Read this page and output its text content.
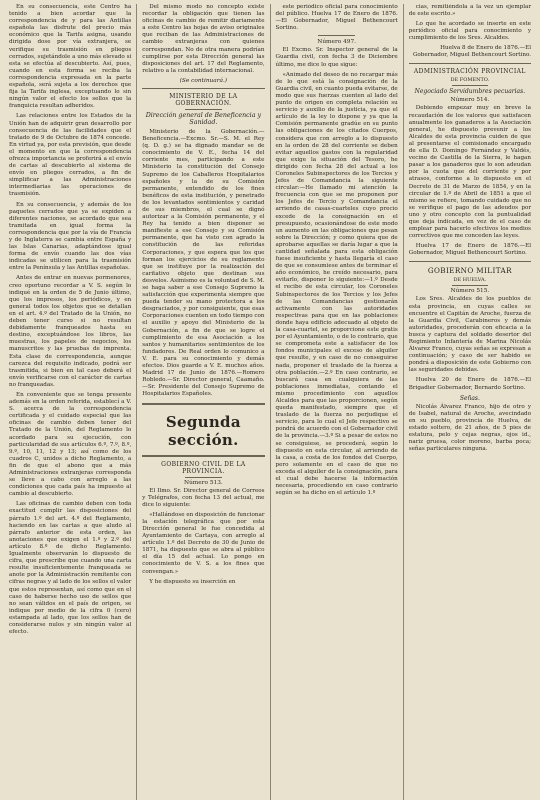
En su consecuencia, este Centro ha tenido a bien acordar que la correspondencia de y para las Antillas española las disfrute del precio más económico que la Tarifa asigna, usando dirigida dose por vía extranjera, se verifique su trasmisión en pliegos cerrados, sujetándole a uno más elevado si esta se efectúa al descubierto. Así, pues, cuando en esta forma se reciba la correspondencia expresada en la parte española, será sujeta a los derechos que fija la Tarifa inglesa, exceptuando lo sin ningún valor el efecto los sellos que la franquicia resultan adheridos.

Las relaciones entre los Estados de la Unión han de adquirir gran desarrollo por consecuencia de las facilidades que el tratado de 9 de Octubre de 1874 concede. En virtud ya, por esta previsión, que desde el momento en que la correspondencia ofrezca importancia se proferirá a el envío de cartas al descubierto al sistema de envío en pliegos cerrados, a fin de simplificar a las Administraciones intermediarias las operaciones de trasmisión.

En su consecuencia, y además de los paquetes cerrados que ya se expiden a diferentes naciones, se acordado que sea tramitada en igual forma la correspondencia que por la vía de Francia y de Inglaterra se cambia entre España y las Islas Canarias, adaptándose igual forma de envío cuando las dos vías indicadas se utilicen para la trasmisión entre la Península y las Antillas españolas.

Antes de entrar en nuevas pormenores, creo oportuno recordar a V. S. según lo indiqué en la orden de 5 de Junio último, que los impresos, los periódicos, y en general todos los objetos que se detallan en el art. 4.º del Tratado de la Unión, no deben tener curso si no resultan debidamente franqueados hasta su destino, exceptuándose los libros, las muestras, los papeles de negocios, los manuscritos y las pruebas de imprenta. Esta clase de correspondencia, aunque carezca del requisito indicado, podrá ser trasmitida, si bien en tal caso deberá el envío verificarse con el carácter de cartas no franqueadas.

En conveniente que se tenga presente además en la orden referida, establecí a V. S. acerca de la correspondencia certificada y el cuidado especial que las oficinas de cambio deben tener del Tratado de la Unión, del Reglamento lo acordado para su ejecución, con particularidad de sus artículos 6.º, 7.º, 8.º, 9.º, 10, 11, 12 y 13; así como de los cuadros C, unidos a dicho Reglamento, a fin de que el abono que a más Administraciones extranjeras corresponda se lleve a cabo con arreglo a las condiciones que cada país ha impuesto al cambio al descubierto.

Las oficinas de cambio deben con toda exactitud cumplir las disposiciones del párrafo 1.º del art. 4.º del Reglamento, haciendo en las cartas a que aludo al párrafo anterior de esta orden, las anotaciones que exigen el 1.º y 2.º del artículo 8.º de dicho Reglamento. Igualmente observarán lo dispuesto de cifra, que prescribe que cuando una carta resulte insuficientemente franqueada se anote por la Administración remitente con cifras negras y al lado de los sellos el valor que estos representan, así como que en el caso de haberse hecho uso de sellos que no sean válidos en el país de origen, se indique por medio de la cifra 0 (cero) estampada al lado, que los sellos han de considerarse nulos y sin ningún valor al efecto.

Del mismo modo no concepto existe recordar la obligación que tienen las oficinas de cambio de remitir diariamente a este Centro las hojas de aviso originales que reciban de las Administraciones de cambio extranjeras con quienes correspondan. No de otra manera podrían cumplirse por esta Dirección general las disposiciones del art. 17 del Reglamento, relativo a la contabilidad internacional.

(Se continuará.)
MINISTERIO DE LA GOBERNACIÓN.
Dirección general de Beneficencia y Sanidad.

Ministerio de la Gobernación.— Beneficencia.—Excmo. Sr.—S. M. el Rey (q. D. g.) se ha dignado mandar se de conocimiento de V. E., fecha 14 del corriente mes, participando a este Ministerio la constitución del Consejo Supremo de los Caballeros Hospitalarios españoles y la de su Comisión permanente, entendido de los fines benéficos de esta institución, y penetrado de los levantados sentimientos y caridad de sus miembros, el cual se dignó autorizar a la Comisión permanente, y el Rey ha tenido a bien disponer se manifieste a ese Consejo y su Comisión permanente, que ha visto con agrado la constitución de las referidas Corporaciones, y que espera que los que forman los ejercicios de su reglamento que se instituye por la realización del caritativo objeto que destinan sus desvelos. Asimismo es la voluntad de S. M. se haga saber a ese Consejo Supremo la satisfacción que experimenta siempre que pueda tender su mano protectora a los desgraciados, y por consiguiente, que esas Corporaciones cuenten en todo tiempo con el auxilio y apoyo del Ministerio de la Gobernación, a fin de que se logre el cumplimiento de esa Asociación a los santos y humanitarios sentimientos de los fundadores. De Real orden lo comunico a V. E. para su conocimiento y demás efectos. Dios guarde a V. E. muchos años. Madrid 17 de Junio de 1876.—Romero Robledo.—Sr. Director general, Caamaño.—Sr. Presidente del Consejo Supremo de Hospitalarios Españoles.

Segunda sección.
GOBIERNO CIVIL DE LA PROVINCIA.
Número 513.

El Ilmo. Sr. Director general de Correos y Telégrafos, con fecha 13 del actual, me dice lo siguiente:

«Hallándose en disposición de funcionar la estación telegráfica que por esta Dirección general le fue concedida al Ayuntamiento de Cartaya, con arreglo al artículo 1.º del Decreto de 30 de Junio de 1871, ha dispuesto que se abra al público el día 15 del actual. Lo pongo en conocimiento de V. S. a los fines que convengan.»

Y he dispuesto su inserción en

este periódico oficial para conocimiento del público. Huelva 17 de Enero de 1876.—El Gobernador, Miguel Bethencourt Sortino.

Número 497.

El Excmo. Sr. Inspector general de la Guardia civil, con fecha 3 de Diciembre último, me dice lo que sigue:

«Animado del deseo de no recargar más de lo que está la consignación de la Guardia civil, en cuanto pueda evitarse, de modo que sus fuerzas cuenten al lado del punto de origen en completa relación su servicio y auxilio de la justicia, ya que el artículo de la ley lo dispone y ya que la Comisión permanente gradúe en su punto las obligaciones de los citados Cuerpos, considera que con arreglo a lo dispuesto en la orden de 28 del corriente se deben evitar aquellos gastos con la regularidad que exige la situación del Tesoro, he dirigido con fecha 28 del actual a los Coroneles Subinspectores de los Tercios y Jefes de Comandancia la siguiente circular:—He llamado mi atención la frecuencia con que se me proponen por los Jefes de Tercio y Comandancia el arriendo de casas-cuarteles cuyo precio excede de la consignación en el presupuesto, ocasionándose de este modo un aumento en las obligaciones que pesan sobre la Dirección; y como quiera que de aprobarse aquellas se daría lugar a que la cantidad señalada para esta obligación fuese insuficiente y hasta llegaría el caso de que se consumiese antes de terminar el año económico, he creído necesario, para evitarlo, disponer lo siguiente:—1.º Desde el recibo de esta circular, los Coroneles Subinspectores de los Tercios y los Jefes de las Comandancias gestionarán activamente con las autoridades respectivas para que en las poblaciones donde haya edificio adecuado al objeto de la casa-cuartel, se proporcione este gratis por el Ayuntamiento, o de lo contrario, que se comprometa este a satisfacer de los fondos municipales el exceso de alquiler que resulte, y en caso de no conseguirse nada, proponer el traslado de la fuerza a otra población.—2.º En caso contrario, se buscará casa en cualquiera de las poblaciones inmediatas, contando el mismo procedimiento con aquellos Alcaldes para que las proporcionen, según queda manifestado, siempre que el traslado de la fuerza no perjudique el servicio, para lo cual el Jefe respectivo se pondrá de acuerdo con el Gobernador civil de la provincia.—3.º Si a pesar de estos no se consiguiese, se procederá, según lo dispuesto en esta circular, al arriendo de la casa, a costa de los fondos del Cuerpo, pero solamente en el caso de que no exceda el alquiler de la consignación, para el cual debe hacerse la información necesaria, procediendo en caso contrario según se ha dicho en el artículo 1.º

cias, remitiéndola a la vez un ejemplar de este escrito.»

Lo que he acordado se inserte en este periódico oficial para conocimiento y cumplimiento de los Sres. Alcaldes.

Huelva 8 de Enero de 1876.—El Gobernador, Miguel Bethencourt Sortino.
ADMINISTRACIÓN PROVINCIAL
DE FOMENTO.
Negociado Servidumbres pecuarias.
Número 514.

Debiendo empezar muy en breve la recaudación de los valores que satisfacen anualmente los ganaderos a la Asociación general, he dispuesto prevenir a los Alcaldes de esta provincia cuiden de que al presentarse el comisionado encargado de ella D. Domingo Fernández y Valdés, vecino de Castilla de la Sierra, le hagan pasar a los ganaderos que lo son adeudan por la cuota que del corriente y por atrasos, conforme a lo dispuesto en el Decreto de 31 de Marzo de 1854, y en la circular de 1.º de Abril de 1851 a que el mismo se refiere, tomando cuidado que no se verifique el pago de las adeudos por uno y otro concepto con la puntualidad que deja indicada, en vez de el caso de emplear para hacerlo efectivos los medios correctivos que me conceden las leyes.

Huelva 17 de Enero de 1876.—El Gobernador, Miguel Bethencourt Sortino.

GOBIERNO MILITAR
DE HUELVA.
Número 515.

Los Sres. Alcaldes de los pueblos de esta provincia, en cuyas calles se encuentre el Capitán de Aroche, fuerza de la Guardia Civil, Carabineros y demás autoridades, procederán con eficacia a la busca y captura del soldado desertor del Regimiento Infantería de Marina Nicolás Álvarez Franco, cuyas señas se expresan a continuación; y caso de ser habido se pondrá a disposición de este Gobierno con las seguridades debidas.

Huelva 20 de Enero de 1876.—El Brigadier Gobernador, Bernardo Sortino.

Señas.

Nicolás Álvarez Franco, hijo de otro y de Isabel, natural de Aroche, avecindado en su pueblo, provincia de Huelva, de estado soltero, de 21 años, de 5 pies de estatura, pelo y cejas negras, ojos id., nariz gruesa, color moreno, barba poca; señas particulares ninguna.
